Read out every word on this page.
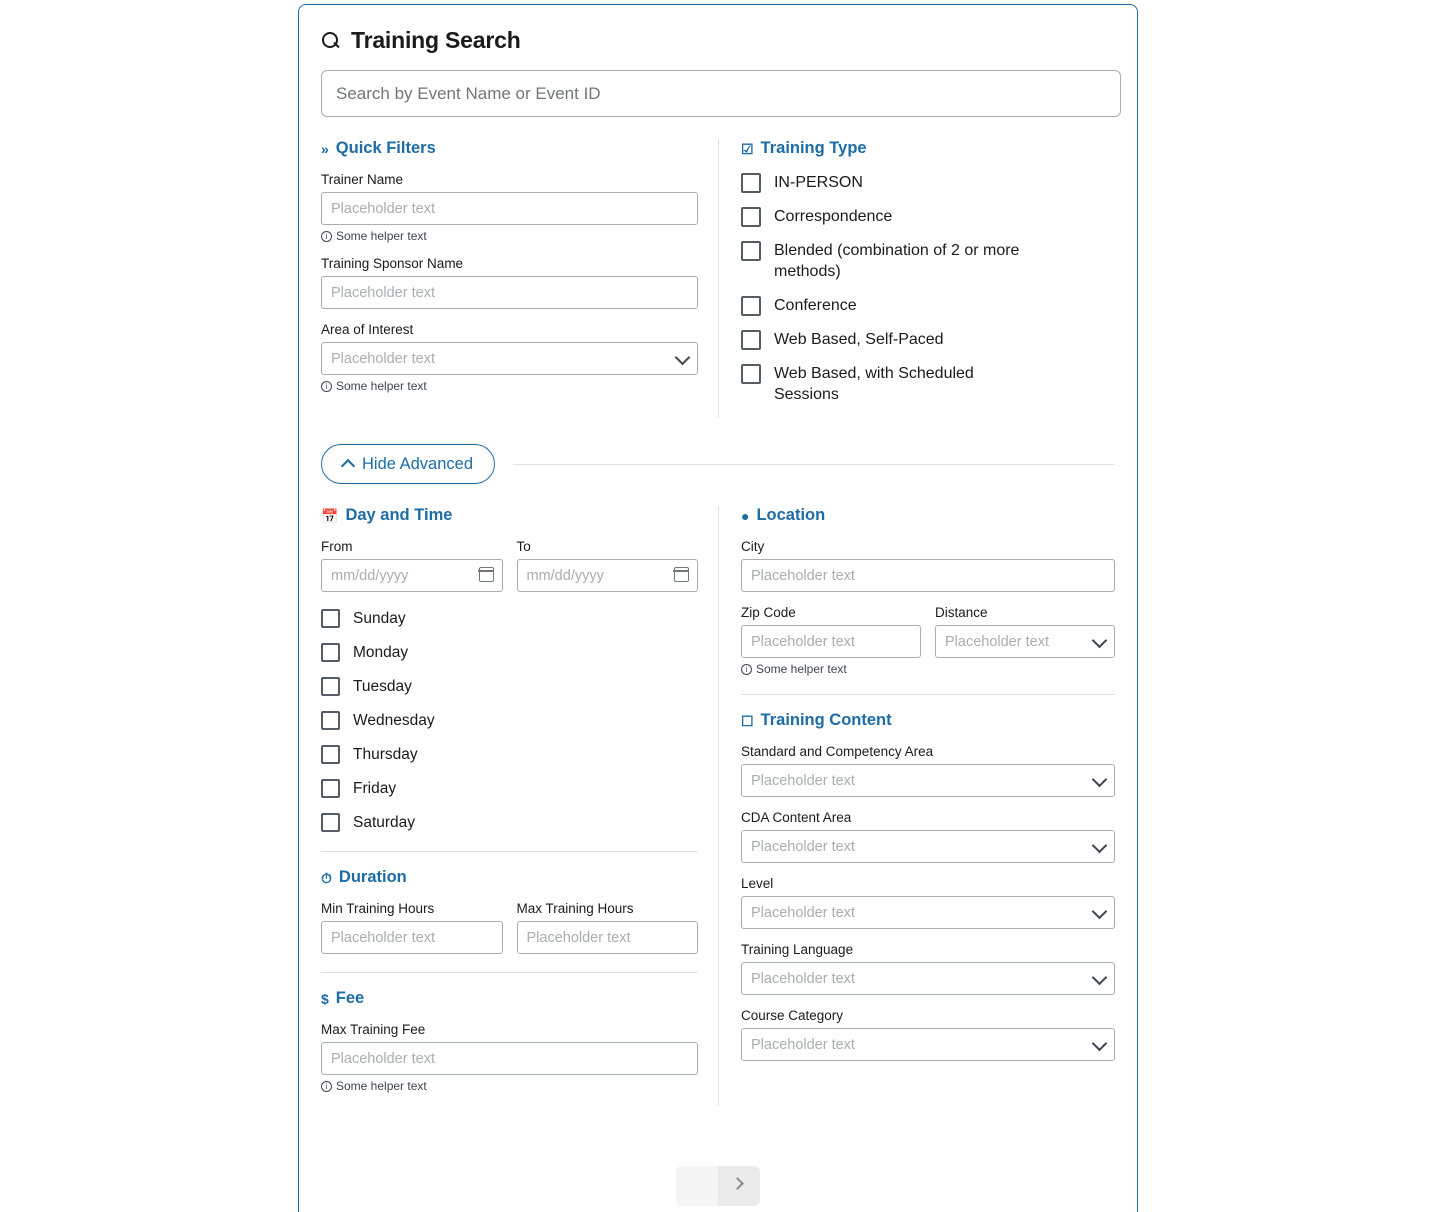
Training Search
Search by Event Name or Event ID
» Quick Filters
Trainer Name
Placeholder text
i Some helper text
Training Sponsor Name
Placeholder text
Area of Interest
Placeholder text
i Some helper text
☑ Training Type
IN-PERSON
Correspondence
Blended (combination of 2 or more methods)
Conference
Web Based, Self-Paced
Web Based, with Scheduled Sessions
Hide Advanced
📅 Day and Time
From
mm/dd/yyyy	To
mm/dd/yyyy
Sunday
Monday
Tuesday
Wednesday
Thursday
Friday
Saturday
⏱ Duration
Min Training Hours
Placeholder text	Max Training Hours
Placeholder text
$ Fee
Max Training Fee
Placeholder text
i Some helper text
● Location
City
Placeholder text
Zip Code
Placeholder text
i Some helper text
Distance
Placeholder text
☐ Training Content
Standard and Competency Area
Placeholder text
CDA Content Area
Placeholder text
Level
Placeholder text
Training Language
Placeholder text
Course Category
Placeholder text
